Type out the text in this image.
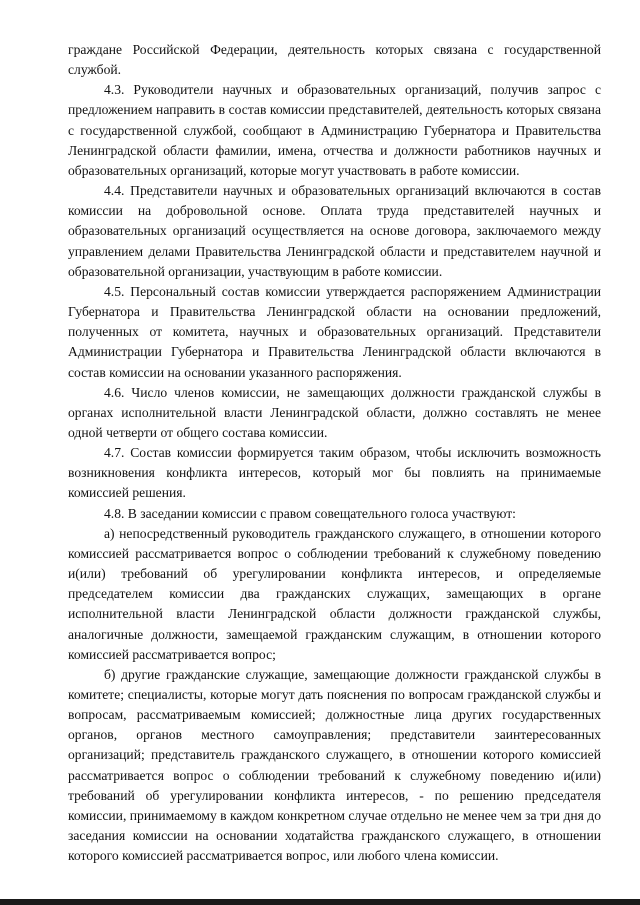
граждане Российской Федерации, деятельность которых связана с государственной службой.

4.3. Руководители научных и образовательных организаций, получив запрос с предложением направить в состав комиссии представителей, деятельность которых связана с государственной службой, сообщают в Администрацию Губернатора и Правительства Ленинградской области фамилии, имена, отчества и должности работников научных и образовательных организаций, которые могут участвовать в работе комиссии.

4.4. Представители научных и образовательных организаций включаются в состав комиссии на добровольной основе. Оплата труда представителей научных и образовательных организаций осуществляется на основе договора, заключаемого между управлением делами Правительства Ленинградской области и представителем научной и образовательной организации, участвующим в работе комиссии.

4.5. Персональный состав комиссии утверждается распоряжением Администрации Губернатора и Правительства Ленинградской области на основании предложений, полученных от комитета, научных и образовательных организаций. Представители Администрации Губернатора и Правительства Ленинградской области включаются в состав комиссии на основании указанного распоряжения.

4.6. Число членов комиссии, не замещающих должности гражданской службы в органах исполнительной власти Ленинградской области, должно составлять не менее одной четверти от общего состава комиссии.

4.7. Состав комиссии формируется таким образом, чтобы исключить возможность возникновения конфликта интересов, который мог бы повлиять на принимаемые комиссией решения.

4.8. В заседании комиссии с правом совещательного голоса участвуют:

а) непосредственный руководитель гражданского служащего, в отношении которого комиссией рассматривается вопрос о соблюдении требований к служебному поведению и(или) требований об урегулировании конфликта интересов, и определяемые председателем комиссии два гражданских служащих, замещающих в органе исполнительной власти Ленинградской области должности гражданской службы, аналогичные должности, замещаемой гражданским служащим, в отношении которого комиссией рассматривается вопрос;

б) другие гражданские служащие, замещающие должности гражданской службы в комитете; специалисты, которые могут дать пояснения по вопросам гражданской службы и вопросам, рассматриваемым комиссией; должностные лица других государственных органов, органов местного самоуправления; представители заинтересованных организаций; представитель гражданского служащего, в отношении которого комиссией рассматривается вопрос о соблюдении требований к служебному поведению и(или) требований об урегулировании конфликта интересов, - по решению председателя комиссии, принимаемому в каждом конкретном случае отдельно не менее чем за три дня до заседания комиссии на основании ходатайства гражданского служащего, в отношении которого комиссией рассматривается вопрос, или любого члена комиссии.
